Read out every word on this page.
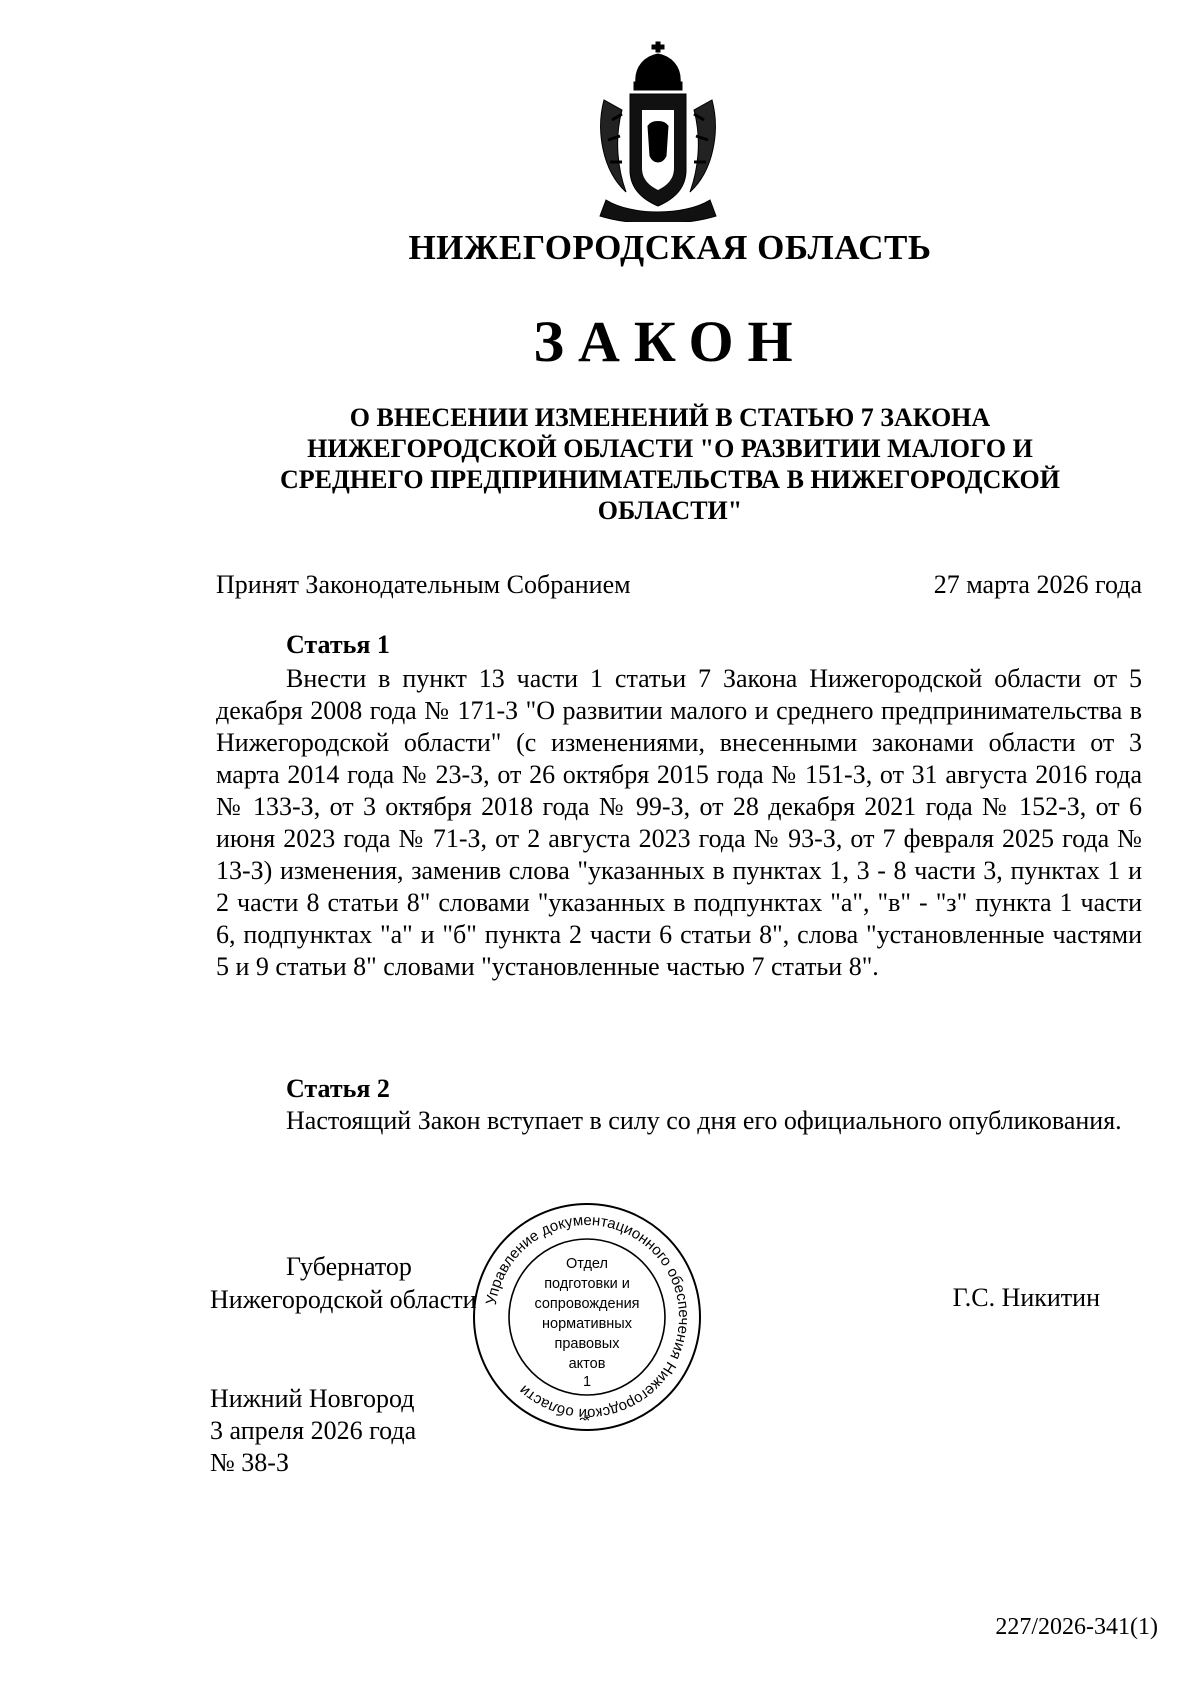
НИЖЕГОРОДСКАЯ ОБЛАСТЬ
ЗАКОН
О ВНЕСЕНИИ ИЗМЕНЕНИЙ В СТАТЬЮ 7 ЗАКОНА
НИЖЕГОРОДСКОЙ ОБЛАСТИ "О РАЗВИТИИ МАЛОГО И
СРЕДНЕГО ПРЕДПРИНИМАТЕЛЬСТВА В НИЖЕГОРОДСКОЙ
ОБЛАСТИ"
Принят Законодательным Собранием	27 марта 2026 года
Статья 1

Внести в пункт 13 части 1 статьи 7 Закона Нижегородской области от 5 декабря 2008 года № 171-З "О развитии малого и среднего предпринимательства в Нижегородской области" (с изменениями, внесенными законами области от 3 марта 2014 года № 23-З, от 26 октября 2015 года № 151-З, от 31 августа 2016 года № 133-З, от 3 октября 2018 года № 99-З, от 28 декабря 2021 года № 152-З, от 6 июня 2023 года № 71-З, от 2 августа 2023 года № 93-З, от 7 февраля 2025 года № 13-З) изменения, заменив слова "указанных в пунктах 1, 3 - 8 части 3, пунктах 1 и 2 части 8 статьи 8" словами "указанных в подпунктах "а", "в" - "з" пункта 1 части 6, подпунктах "а" и "б" пункта 2 части 6 статьи 8", слова "установленные частями 5 и 9 статьи 8" словами "установленные частью 7 статьи 8".

Статья 2

Настоящий Закон вступает в силу со дня его официального опубликования.

Губернатор
Нижегородской области	Г.С. Никитин
Управление документационного обеспечения Нижегородской области
Отдел
подготовки и
сопровождения
нормативных
правовых
актов
1
*
Нижний Новгород
3 апреля 2026 года
№ 38-З
227/2026-341(1)
